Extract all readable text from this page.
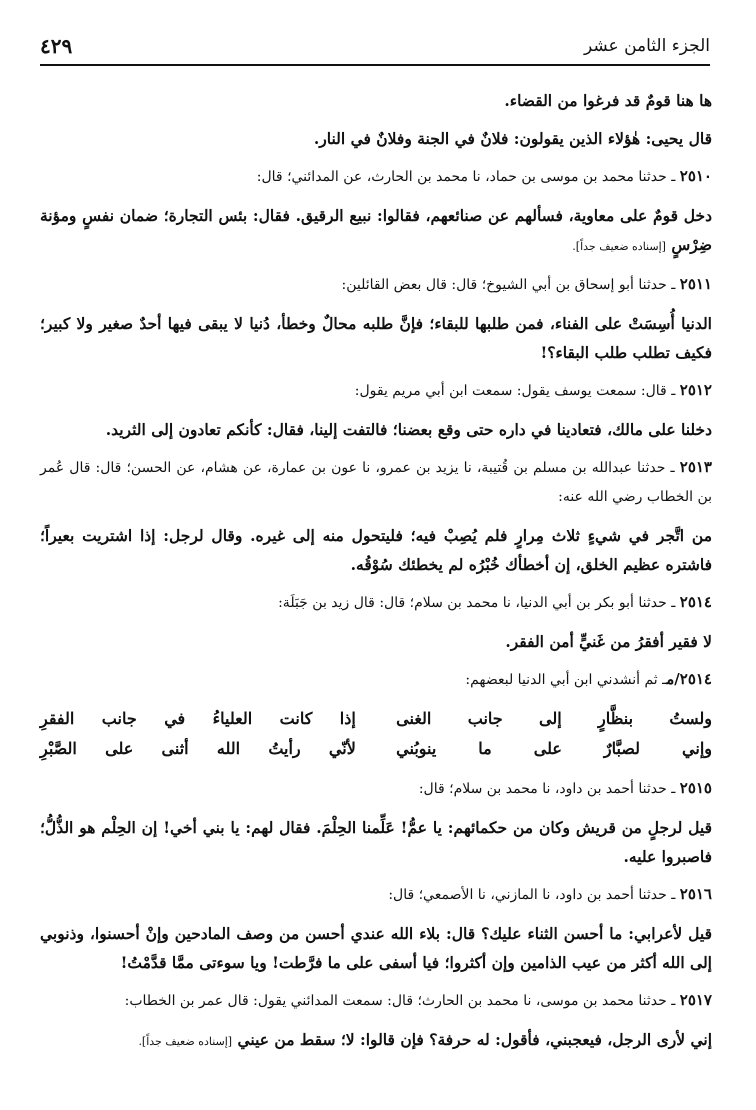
الجزء الثامن عشر
٤٢٩

ها هنا قومٌ قد فرغوا من القضاء.

قال يحيى: هٰؤلاء الذين يقولون: فلانٌ في الجنة وفلانٌ في النار.

٢٥١٠ ـ حدثنا محمد بن موسى بن حماد، نا محمد بن الحارث، عن المدائني؛ قال:

دخل قومٌ على معاوية، فسألهم عن صنائعهم، فقالوا: نبيع الرقيق. فقال: بئس التجارة؛ ضمان نفسٍ ومؤنة ضِرْسٍ [إسناده ضعيف جداً].

٢٥١١ ـ حدثنا أبو إسحاق بن أبي الشيوخ؛ قال: قال بعض القائلين:

الدنيا أُسِسَتْ على الفناء، فمن طلبها للبقاء؛ فإنَّ طلبه محالٌ وخطأ، دُنيا لا يبقى فيها أحدٌ صغير ولا كبير؛ فكيف تطلب طلب البقاء؟!

٢٥١٢ ـ قال: سمعت يوسف يقول: سمعت ابن أبي مريم يقول:

دخلنا على مالك، فتعادينا في داره حتى وقع بعضنا؛ فالتفت إلينا، فقال: كأنكم تعادون إلى الثريد.

٢٥١٣ ـ حدثنا عبدالله بن مسلم بن قُتيبة، نا يزيد بن عمرو، نا عون بن عمارة، عن هشام، عن الحسن؛ قال: قال عُمر بن الخطاب رضي الله عنه:

من اتَّجر في شيءٍ ثلاث مِرارٍ فلم يُصِبْ فيه؛ فليتحول منه إلى غيره. وقال لرجل: إذا اشتريت بعيراً؛ فاشتره عظيم الخلق، إن أخطأك خُبْرُه لم يخطئك سُوْقُه.

٢٥١٤ ـ حدثنا أبو بكر بن أبي الدنيا، نا محمد بن سلام؛ قال: قال زيد بن جَبَلَة:

لا فقير أفقرُ من غَنيٍّ أمن الفقر.

٢٥١٤/مـ ثم أنشدني ابن أبي الدنيا لبعضهم:

ولستُ بنظَّارٍ إلى جانب الغنى
إذا كانت العلياءُ في جانب الفقرِ
وإني لصبَّارٌ على ما ينوبُني
لأنّي رأيتُ الله أثنى على الصَّبْرِ

٢٥١٥ ـ حدثنا أحمد بن داود، نا محمد بن سلام؛ قال:

قيل لرجلٍ من قريش وكان من حكمائهم: يا عمُّ! عَلِّمنا الحِلْمَ. فقال لهم: يا بني أخي! إن الحِلْم هو الذُّلُّ؛ فاصبروا عليه.

٢٥١٦ ـ حدثنا أحمد بن داود، نا المازني، نا الأصمعي؛ قال:

قيل لأعرابي: ما أحسن الثناء عليك؟ قال: بلاء الله عندي أحسن من وصف المادحين وإنْ أحسنوا، وذنوبي إلى الله أكثر من عيب الذامين وإن أكثروا؛ فيا أسفى على ما فرَّطت! ويا سوءتى ممَّا قدَّمْتُ!

٢٥١٧ ـ حدثنا محمد بن موسى، نا محمد بن الحارث؛ قال: سمعت المدائني يقول: قال عمر بن الخطاب:

إني لأرى الرجل، فيعجبني، فأقول: له حرفة؟ فإن قالوا: لا؛ سقط من عيني [إسناده ضعيف جداً].
